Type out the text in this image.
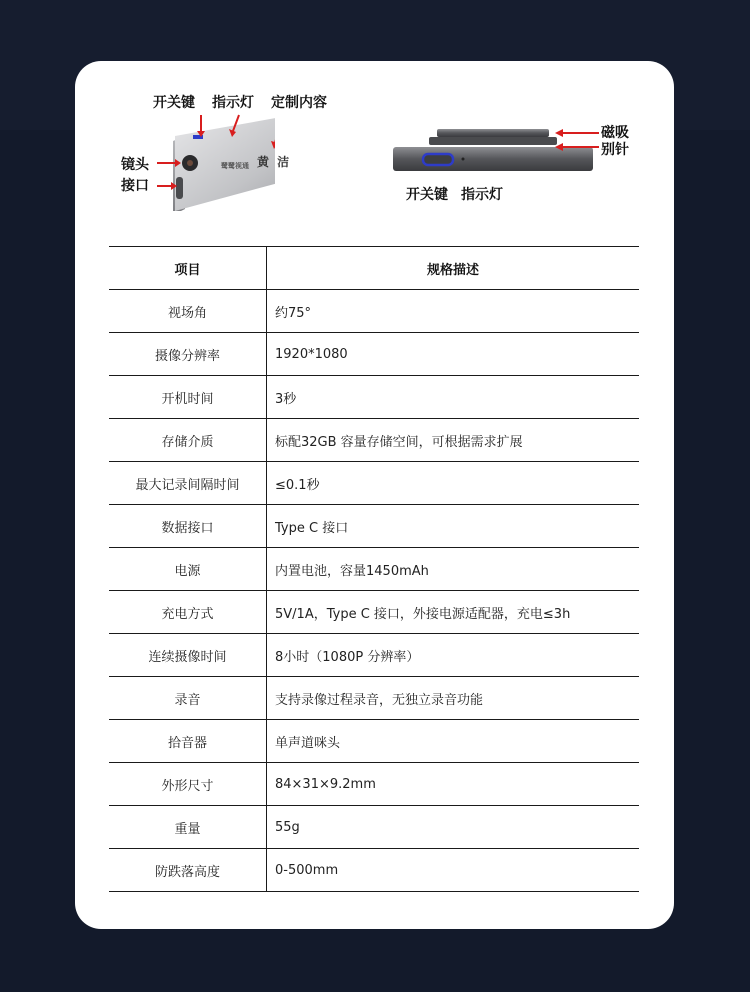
开关键 指示灯 定制内容
镜头
接口
鹭鹭视通 黄 洁
磁吸
别针
开关键 指示灯
项目	规格描述
视场角	约75°
摄像分辨率	1920*1080
开机时间	3秒
存储介质	标配32GB 容量存储空间，可根据需求扩展
最大记录间隔时间	≤0.1秒
数据接口	Type C 接口
电源	内置电池，容量1450mAh
充电方式	5V/1A，Type C 接口，外接电源适配器，充电≤3h
连续摄像时间	8小时（1080P 分辨率）
录音	支持录像过程录音，无独立录音功能
拾音器	单声道咪头
外形尺寸	84×31×9.2mm
重量	55g
防跌落高度	0-500mm
